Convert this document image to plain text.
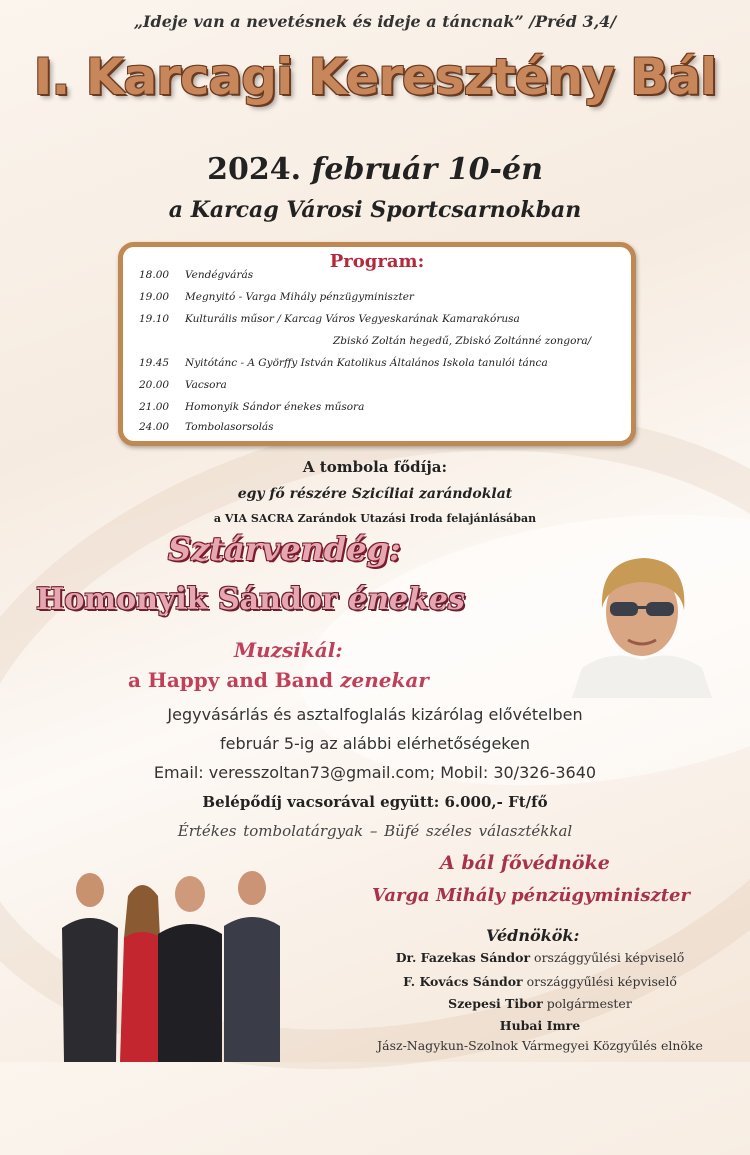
„Ideje van a nevetésnek és ideje a táncnak” /Préd 3,4/
I. Karcagi Keresztény Bál
2024. február 10-én
a Karcag Városi Sportcsarnokban
Program:
18.00 Vendégvárás
19.00 Megnyitó - Varga Mihály pénzügyminiszter
19.10 Kulturális műsor / Karcag Város Vegyeskarának Kamarakórusa
Zbiskó Zoltán hegedű, Zbiskó Zoltánné zongora/
19.45 Nyitótánc - A Györffy István Katolikus Általános Iskola tanulói tánca
20.00 Vacsora
21.00 Homonyik Sándor énekes műsora
24.00 Tombolasorsolás
A tombola fődíja:
egy fő részére Szicíliai zarándoklat
a VIA SACRA Zarándok Utazási Iroda felajánlásában
Sztárvendég:
Homonyik Sándor énekes
Muzsikál:
a Happy and Band zenekar
Jegyvásárlás és asztalfoglalás kizárólag elővételben
február 5-ig az alábbi elérhetőségeken
Email: veresszoltan73@gmail.com; Mobil: 30/326-3640
Belépődíj vacsorával együtt: 6.000,- Ft/fő
Értékes tombolatárgyak – Büfé széles választékkal
A bál fővédnöke
Varga Mihály pénzügyminiszter
Védnökök:
Dr. Fazekas Sándor országgyűlési képviselő
F. Kovács Sándor országgyűlési képviselő
Szepesi Tibor polgármester
Hubai Imre
Jász-Nagykun-Szolnok Vármegyei Közgyűlés elnöke
